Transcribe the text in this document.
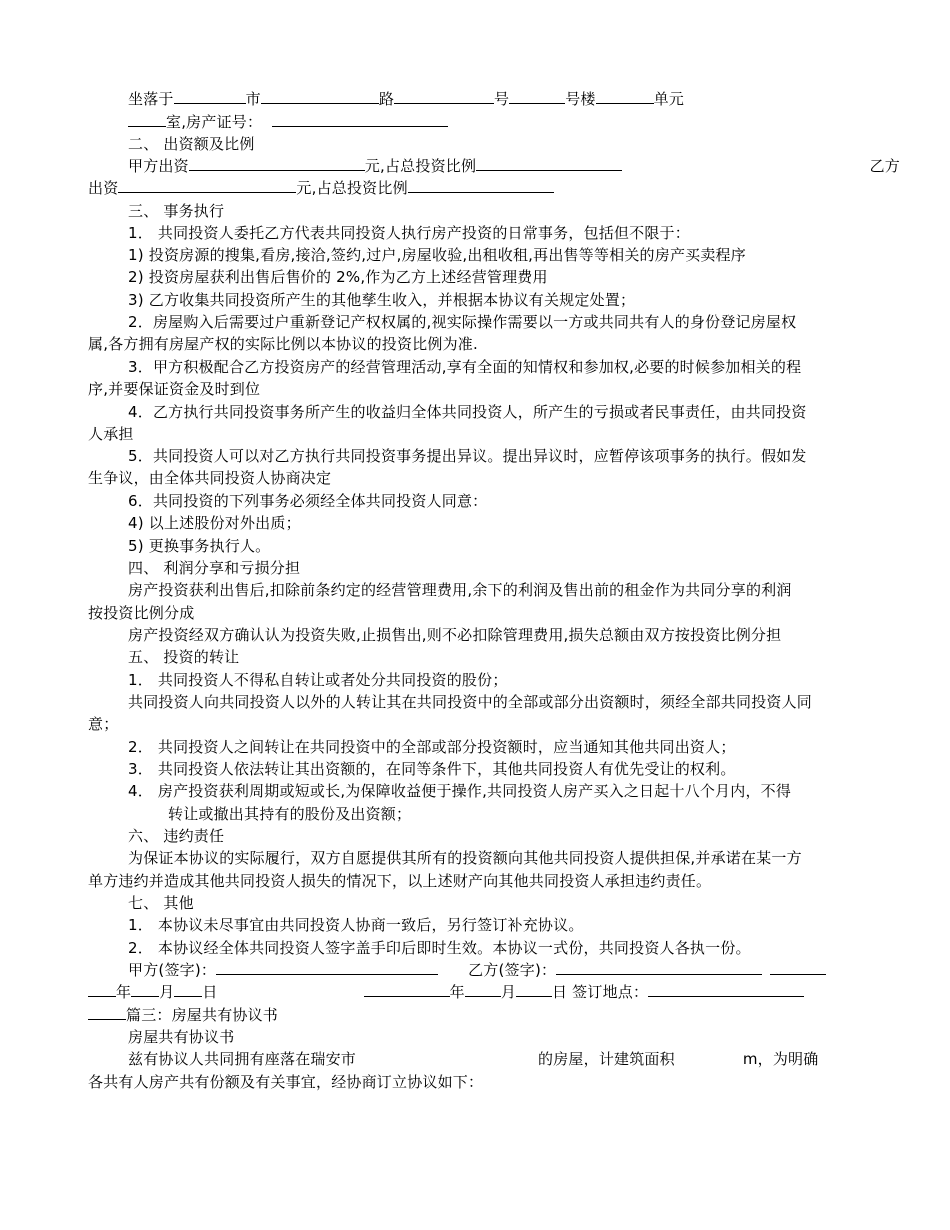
坐落于	市	路	号	号楼	单元
室,房产证号：
二、 出资额及比例
甲方出资	元,占总投资比例	乙方
出资	元,占总投资比例
三、 事务执行
1． 共同投资人委托乙方代表共同投资人执行房产投资的日常事务，包括但不限于：
1) 投资房源的搜集,看房,接洽,签约,过户,房屋收验,出租收租,再出售等等相关的房产买卖程序
2) 投资房屋获利出售后售价的 2%,作为乙方上述经营管理费用
3) 乙方收集共同投资所产生的其他孳生收入，并根据本协议有关规定处置；
2．房屋购入后需要过户重新登记产权权属的,视实际操作需要以一方或共同共有人的身份登记房屋权
属,各方拥有房屋产权的实际比例以本协议的投资比例为准.
3．甲方积极配合乙方投资房产的经营管理活动,享有全面的知情权和参加权,必要的时候参加相关的程
序,并要保证资金及时到位
4．乙方执行共同投资事务所产生的收益归全体共同投资人，所产生的亏损或者民事责任，由共同投资
人承担
5．共同投资人可以对乙方执行共同投资事务提出异议。提出异议时，应暂停该项事务的执行。假如发
生争议，由全体共同投资人协商决定
6．共同投资的下列事务必须经全体共同投资人同意：
4) 以上述股份对外出质；
5) 更换事务执行人。
四、 利润分享和亏损分担
房产投资获利出售后,扣除前条约定的经营管理费用,余下的利润及售出前的租金作为共同分享的利润
按投资比例分成
房产投资经双方确认认为投资失败,止损售出,则不必扣除管理费用,损失总额由双方按投资比例分担
五、 投资的转让
1． 共同投资人不得私自转让或者处分共同投资的股份；
共同投资人向共同投资人以外的人转让其在共同投资中的全部或部分出资额时，须经全部共同投资人同
意；
2． 共同投资人之间转让在共同投资中的全部或部分投资额时，应当通知其他共同出资人；
3． 共同投资人依法转让其出资额的，在同等条件下，其他共同投资人有优先受让的权利。
4． 房产投资获利周期或短或长,为保障收益便于操作,共同投资人房产买入之日起十八个月内，不得
转让或撤出其持有的股份及出资额；
六、 违约责任
为保证本协议的实际履行，双方自愿提供其所有的投资额向其他共同投资人提供担保,并承诺在某一方
单方违约并造成其他共同投资人损失的情况下，以上述财产向其他共同投资人承担违约责任。
七、 其他
1． 本协议未尽事宜由共同投资人协商一致后，另行签订补充协议。
2． 本协议经全体共同投资人签字盖手印后即时生效。本协议一式份，共同投资人各执一份。
甲方(签字)：	乙方(签字)：
年 月 日	年 月 日 签订地点：
篇三：房屋共有协议书
房屋共有协议书
兹有协议人共同拥有座落在瑞安市	的房屋，计建筑面积	m，为明确
各共有人房产共有份额及有关事宜，经协商订立协议如下：
